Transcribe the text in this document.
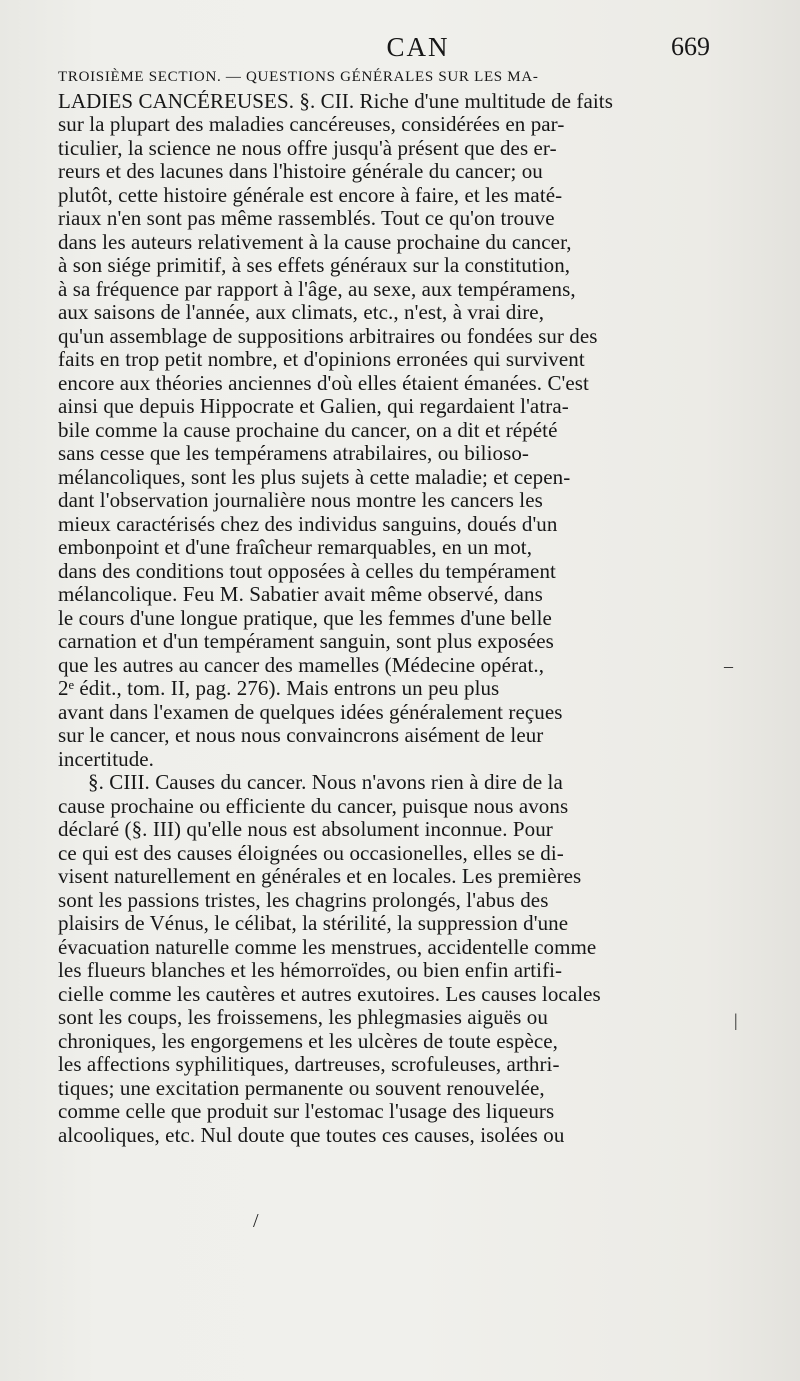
CAN	669
TROISIÈME SECTION. — QUESTIONS GÉNÉRALES SUR LES MA-
LADIES CANCÉREUSES. §. CII. Riche d'une multitude de faits
sur la plupart des maladies cancéreuses, considérées en par-
ticulier, la science ne nous offre jusqu'à présent que des er-
reurs et des lacunes dans l'histoire générale du cancer; ou
plutôt, cette histoire générale est encore à faire, et les maté-
riaux n'en sont pas même rassemblés. Tout ce qu'on trouve
dans les auteurs relativement à la cause prochaine du cancer,
à son siége primitif, à ses effets généraux sur la constitution,
à sa fréquence par rapport à l'âge, au sexe, aux tempéramens,
aux saisons de l'année, aux climats, etc., n'est, à vrai dire,
qu'un assemblage de suppositions arbitraires ou fondées sur des
faits en trop petit nombre, et d'opinions erronées qui survivent
encore aux théories anciennes d'où elles étaient émanées. C'est
ainsi que depuis Hippocrate et Galien, qui regardaient l'atra-
bile comme la cause prochaine du cancer, on a dit et répété
sans cesse que les tempéramens atrabilaires, ou bilioso-
mélancoliques, sont les plus sujets à cette maladie; et cepen-
dant l'observation journalière nous montre les cancers les
mieux caractérisés chez des individus sanguins, doués d'un
embonpoint et d'une fraîcheur remarquables, en un mot,
dans des conditions tout opposées à celles du tempérament
mélancolique. Feu M. Sabatier avait même observé, dans
le cours d'une longue pratique, que les femmes d'une belle
carnation et d'un tempérament sanguin, sont plus exposées
que les autres au cancer des mamelles (Médecine opérat.,
2ᵉ édit., tom. II, pag. 276). Mais entrons un peu plus
avant dans l'examen de quelques idées généralement reçues
sur le cancer, et nous nous convaincrons aisément de leur
incertitude.
§. CIII. Causes du cancer. Nous n'avons rien à dire de la
cause prochaine ou efficiente du cancer, puisque nous avons
déclaré (§. III) qu'elle nous est absolument inconnue. Pour
ce qui est des causes éloignées ou occasionelles, elles se di-
visent naturellement en générales et en locales. Les premières
sont les passions tristes, les chagrins prolongés, l'abus des
plaisirs de Vénus, le célibat, la stérilité, la suppression d'une
évacuation naturelle comme les menstrues, accidentelle comme
les flueurs blanches et les hémorroïdes, ou bien enfin artifi-
cielle comme les cautères et autres exutoires. Les causes locales
sont les coups, les froissemens, les phlegmasies aiguës ou
chroniques, les engorgemens et les ulcères de toute espèce,
les affections syphilitiques, dartreuses, scrofuleuses, arthri-
tiques; une excitation permanente ou souvent renouvelée,
comme celle que produit sur l'estomac l'usage des liqueurs
alcooliques, etc. Nul doute que toutes ces causes, isolées ou
/
–
|
